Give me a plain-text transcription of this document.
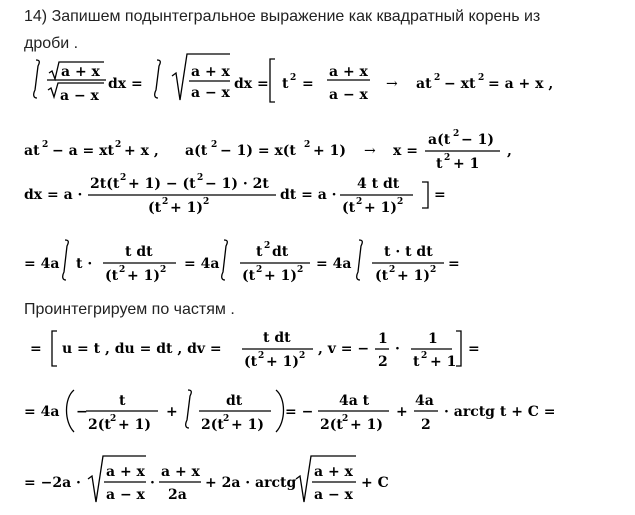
14) Запишем подынтегральное выражение как квадратный корень из
дроби .
a + x
a − x
dx =
a + x
a − x
dx = t 2 =
a + x
a − x
→ at 2 − xt 2 = a + x ,
at 2 − a = xt 2 + x , a(t 2 − 1) = x(t 2 + 1) → x =
a(t 2 − 1)
t 2 + 1
,
dx = a ·
2t(t 2 + 1) − (t 2 − 1) · 2t
(t 2 + 1) 2	dt = a ·
4 t dt
(t 2 + 1) 2 =
= 4a t ·
t dt
(t 2 + 1) 2 = 4a
t 2 dt
(t 2 + 1) 2 = 4a
t · t dt
(t 2 + 1) 2 =
Проинтегрируем по частям .
= u = t , du = dt , dv =
t dt
(t 2 + 1) 2 , v = −
1
2
·
1
t 2 + 1
=
= 4a −
t
2(t 2 + 1)
+
dt
2(t 2 + 1)
= −
4a t
2(t 2 + 1)
+
4a
2
· arctg t + C =
= −2a ·
a + x
a − x
·
a + x
2a
+ 2a · arctg
a + x
a − x
+ C
